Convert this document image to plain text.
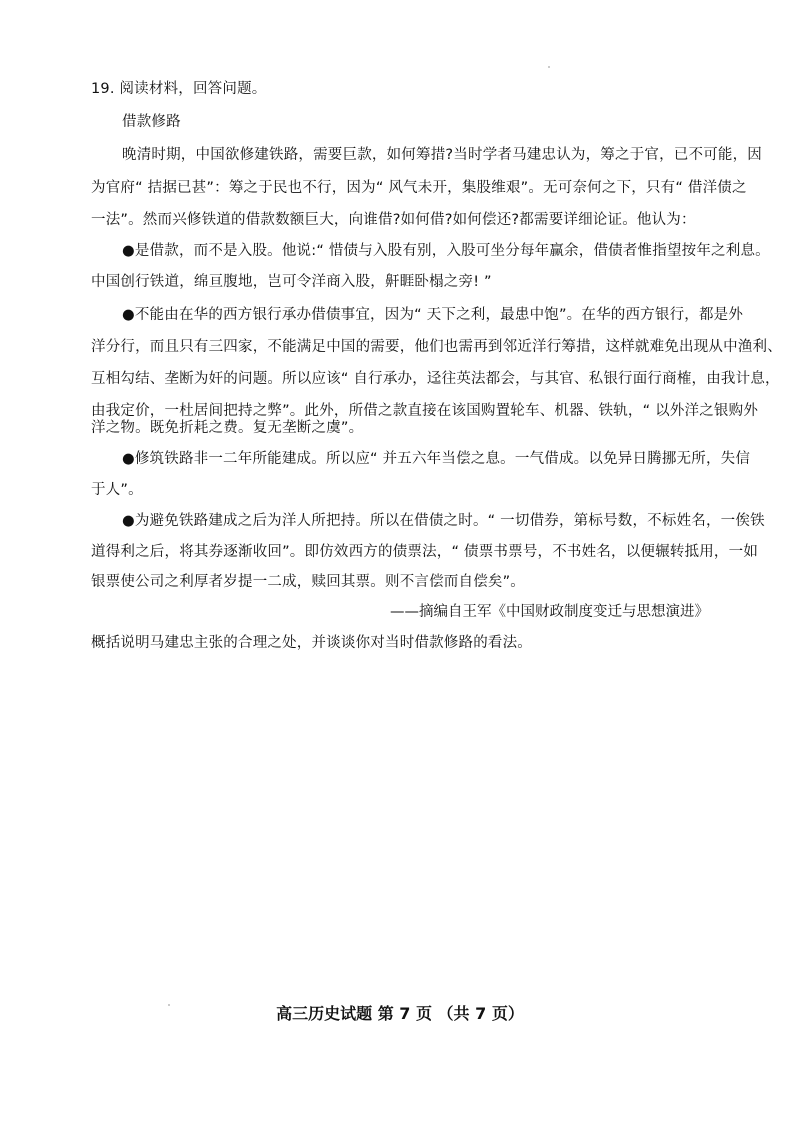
19. 阅读材料，回答问题。
借款修路
晚清时期，中国欲修建铁路，需要巨款，如何筹措?当时学者马建忠认为，筹之于官，已不可能，因
为官府“ 拮据已甚”：筹之于民也不行，因为“ 风气未开，集股维艰”。无可奈何之下，只有“ 借洋债之
一法”。然而兴修铁道的借款数额巨大，向谁借?如何借?如何偿还?都需要详细论证。他认为：
●是借款，而不是入股。他说:“ 惜债与入股有别，入股可坐分每年赢余，借债者惟指望按年之利息。
中国创行铁道，绵亘腹地，岂可令洋商入股，鼾睚卧榻之旁! ”
●不能由在华的西方银行承办借债事宜，因为“ 天下之利，最患中饱”。在华的西方银行，都是外
洋分行，而且只有三四家，不能满足中国的需要，他们也需再到邻近洋行筹措，这样就难免出现从中渔利、
互相勾结、垄断为奸的问题。所以应该“ 自行承办，迳往英法都会，与其官、私银行面行商榷，由我计息，
由我定价，一杜居间把持之弊”。此外，所借之款直接在该国购置轮车、机器、铁轨，“ 以外洋之银购外
洋之物。既免折耗之费。复无垄断之虞”。
●修筑铁路非一二年所能建成。所以应“ 并五六年当偿之息。一气借成。以免异日腾挪无所，失信
于人”。
●为避免铁路建成之后为洋人所把持。所以在借债之时。“ 一切借券，第标号数，不标姓名，一俟铁
道得利之后，将其券逐渐收回”。即仿效西方的债票法，“ 债票书票号，不书姓名，以便辗转抵用，一如
银票使公司之利厚者岁提一二成，赎回其票。则不言偿而自偿矣”。
——摘编自王军《中国财政制度变迁与思想演进》
概括说明马建忠主张的合理之处，并谈谈你对当时借款修路的看法。
高三历史试题 第 7 页 （共 7 页）
